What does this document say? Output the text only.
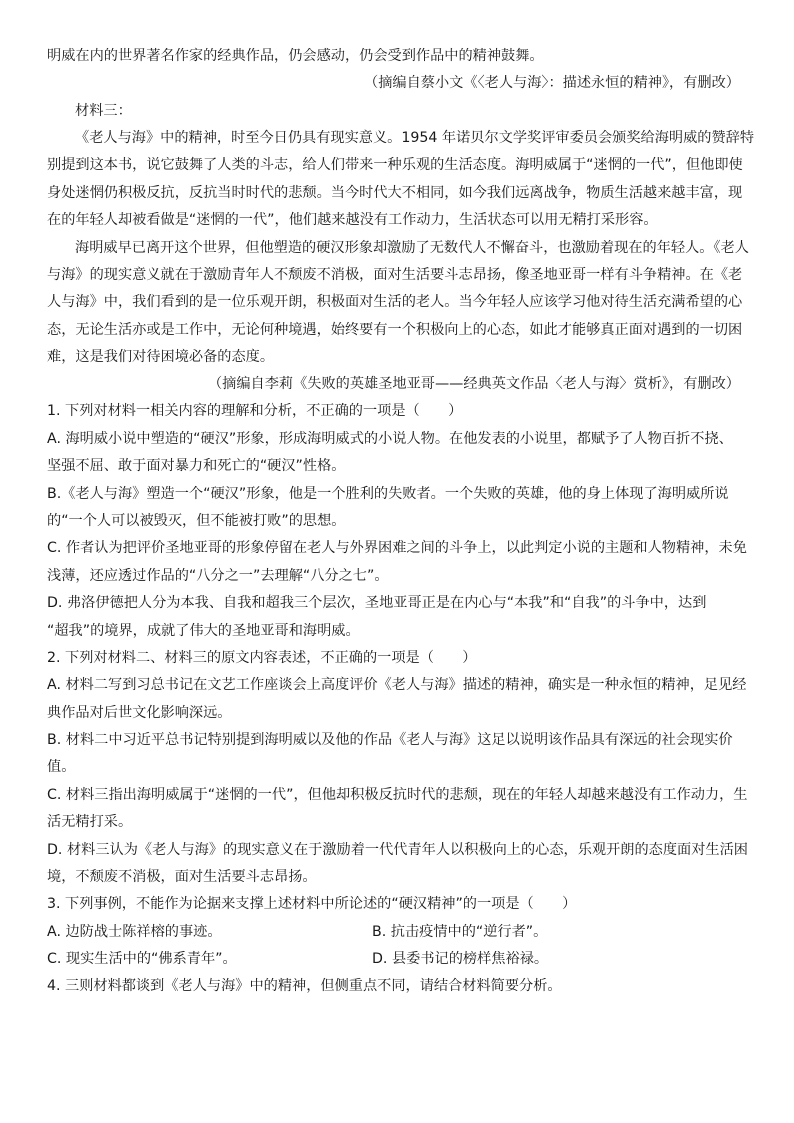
明威在内的世界著名作家的经典作品，仍会感动，仍会受到作品中的精神鼓舞。
（摘编自蔡小文《〈老人与海〉：描述永恒的精神》，有删改）
材料三：
《老人与海》中的精神，时至今日仍具有现实意义。1954 年诺贝尔文学奖评审委员会颁奖给海明威的赞辞特
别提到这本书，说它鼓舞了人类的斗志，给人们带来一种乐观的生活态度。海明威属于“迷惘的一代”，但他即使
身处迷惘仍积极反抗，反抗当时时代的悲颓。当今时代大不相同，如今我们远离战争，物质生活越来越丰富，现
在的年轻人却被看做是“迷惘的一代”，他们越来越没有工作动力，生活状态可以用无精打采形容。
海明威早已离开这个世界，但他塑造的硬汉形象却激励了无数代人不懈奋斗，也激励着现在的年轻人。《老人
与海》的现实意义就在于激励青年人不颓废不消极，面对生活要斗志昂扬，像圣地亚哥一样有斗争精神。在《老
人与海》中，我们看到的是一位乐观开朗，积极面对生活的老人。当今年轻人应该学习他对待生活充满希望的心
态，无论生活亦或是工作中，无论何种境遇，始终要有一个积极向上的心态，如此才能够真正面对遇到的一切困
难，这是我们对待困境必备的态度。
（摘编自李莉《失败的英雄圣地亚哥——经典英文作品〈老人与海〉赏析》，有删改）
1. 下列对材料一相关内容的理解和分析，不正确的一项是（　　）
A. 海明威小说中塑造的“硬汉”形象，形成海明威式的小说人物。在他发表的小说里，都赋予了人物百折不挠、
坚强不屈、敢于面对暴力和死亡的“硬汉”性格。
B.《老人与海》塑造一个“硬汉”形象，他是一个胜利的失败者。一个失败的英雄，他的身上体现了海明威所说
的“一个人可以被毁灭，但不能被打败”的思想。
C. 作者认为把评价圣地亚哥的形象停留在老人与外界困难之间的斗争上，以此判定小说的主题和人物精神，未免
浅薄，还应透过作品的“八分之一”去理解“八分之七”。
D. 弗洛伊德把人分为本我、自我和超我三个层次，圣地亚哥正是在内心与“本我”和“自我”的斗争中，达到
“超我”的境界，成就了伟大的圣地亚哥和海明威。
2. 下列对材料二、材料三的原文内容表述，不正确的一项是（　　）
A. 材料二写到习总书记在文艺工作座谈会上高度评价《老人与海》描述的精神，确实是一种永恒的精神，足见经
典作品对后世文化影响深远。
B. 材料二中习近平总书记特别提到海明威以及他的作品《老人与海》这足以说明该作品具有深远的社会现实价
值。
C. 材料三指出海明威属于“迷惘的一代”，但他却积极反抗时代的悲颓，现在的年轻人却越来越没有工作动力，生
活无精打采。
D. 材料三认为《老人与海》的现实意义在于激励着一代代青年人以积极向上的心态，乐观开朗的态度面对生活困
境，不颓废不消极，面对生活要斗志昂扬。
3. 下列事例，不能作为论据来支撑上述材料中所论述的“硬汉精神”的一项是（　　）
A. 边防战士陈祥榕的事迹。	B. 抗击疫情中的“逆行者”。
C. 现实生活中的“佛系青年”。	D. 县委书记的榜样焦裕禄。
4. 三则材料都谈到《老人与海》中的精神，但侧重点不同，请结合材料简要分析。
